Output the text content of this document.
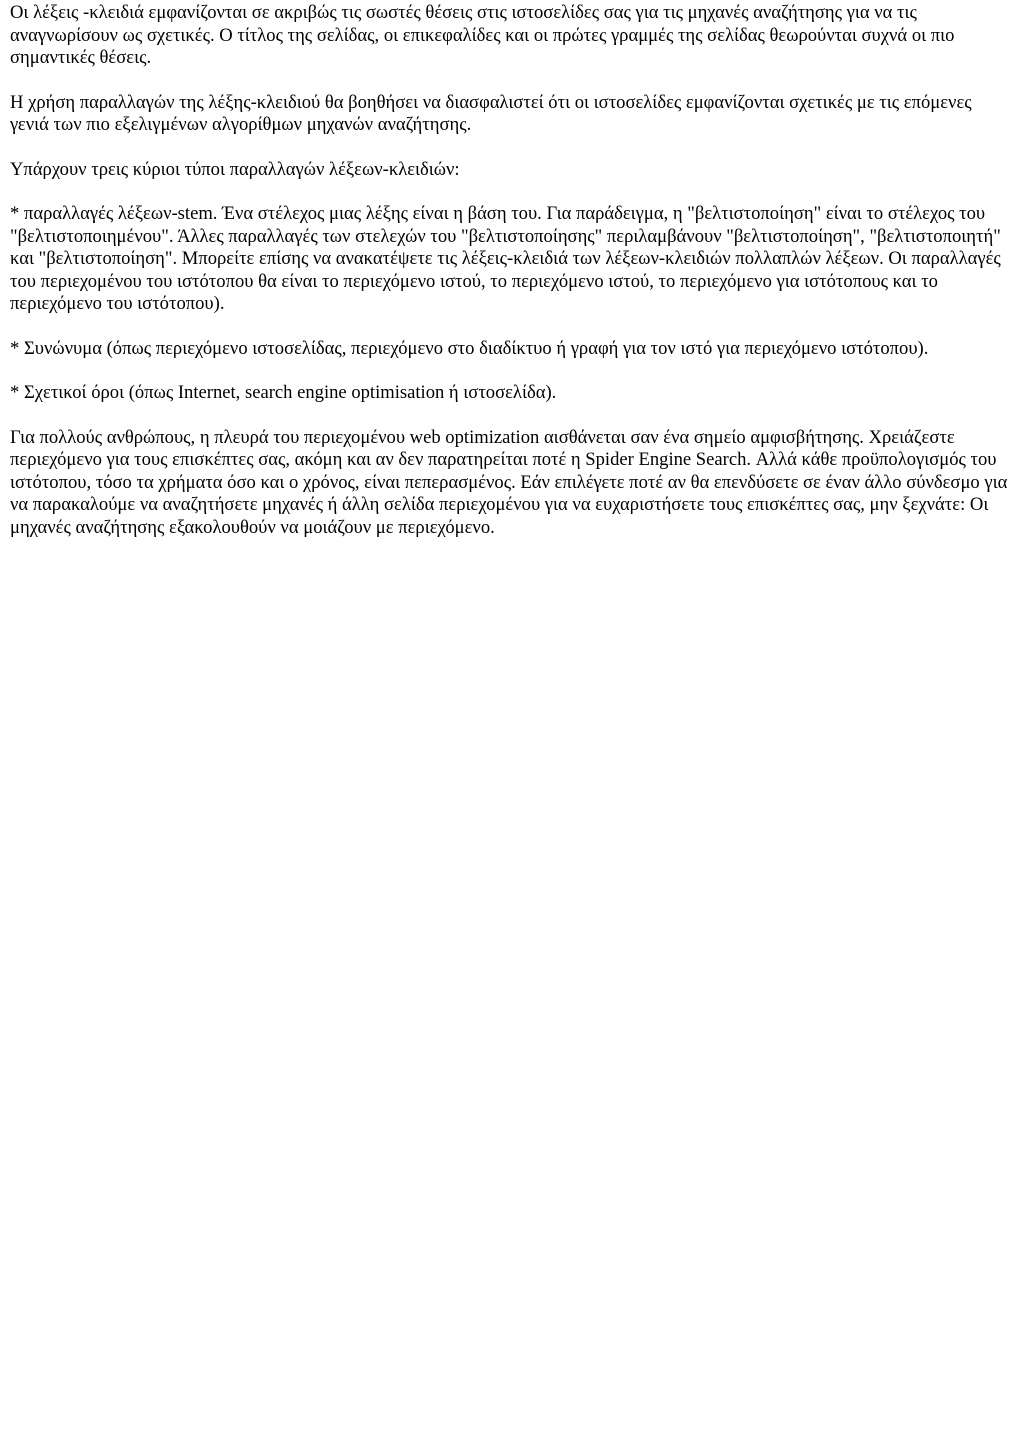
Οι λέξεις -κλειδιά εμφανίζονται σε ακριβώς τις σωστές θέσεις στις ιστοσελίδες σας για τις μηχανές αναζήτησης για να τις αναγνωρίσουν ως σχετικές. Ο τίτλος της σελίδας, οι επικεφαλίδες και οι πρώτες γραμμές της σελίδας θεωρούνται συχνά οι πιο σημαντικές θέσεις.

Η χρήση παραλλαγών της λέξης-κλειδιού θα βοηθήσει να διασφαλιστεί ότι οι ιστοσελίδες εμφανίζονται σχετικές με τις επόμενες γενιά των πιο εξελιγμένων αλγορίθμων μηχανών αναζήτησης.

Υπάρχουν τρεις κύριοι τύποι παραλλαγών λέξεων-κλειδιών:

* παραλλαγές λέξεων-stem. Ένα στέλεχος μιας λέξης είναι η βάση του. Για παράδειγμα, η "βελτιστοποίηση" είναι το στέλεχος του "βελτιστοποιημένου". Άλλες παραλλαγές των στελεχών του "βελτιστοποίησης" περιλαμβάνουν "βελτιστοποίηση", "βελτιστοποιητή" και "βελτιστοποίηση". Μπορείτε επίσης να ανακατέψετε τις λέξεις-κλειδιά των λέξεων-κλειδιών πολλαπλών λέξεων. Οι παραλλαγές του περιεχομένου του ιστότοπου θα είναι το περιεχόμενο ιστού, το περιεχόμενο ιστού, το περιεχόμενο για ιστότοπους και το περιεχόμενο του ιστότοπου).

* Συνώνυμα (όπως περιεχόμενο ιστοσελίδας, περιεχόμενο στο διαδίκτυο ή γραφή για τον ιστό για περιεχόμενο ιστότοπου).

* Σχετικοί όροι (όπως Internet, search engine optimisation ή ιστοσελίδα).

Για πολλούς ανθρώπους, η πλευρά του περιεχομένου web optimization αισθάνεται σαν ένα σημείο αμφισβήτησης. Χρειάζεστε περιεχόμενο για τους επισκέπτες σας, ακόμη και αν δεν παρατηρείται ποτέ η Spider Engine Search. Αλλά κάθε προϋπολογισμός του ιστότοπου, τόσο τα χρήματα όσο και ο χρόνος, είναι πεπερασμένος. Εάν επιλέγετε ποτέ αν θα επενδύσετε σε έναν άλλο σύνδεσμο για να παρακαλούμε να αναζητήσετε μηχανές ή άλλη σελίδα περιεχομένου για να ευχαριστήσετε τους επισκέπτες σας, μην ξεχνάτε: Οι μηχανές αναζήτησης εξακολουθούν να μοιάζουν με περιεχόμενο.
